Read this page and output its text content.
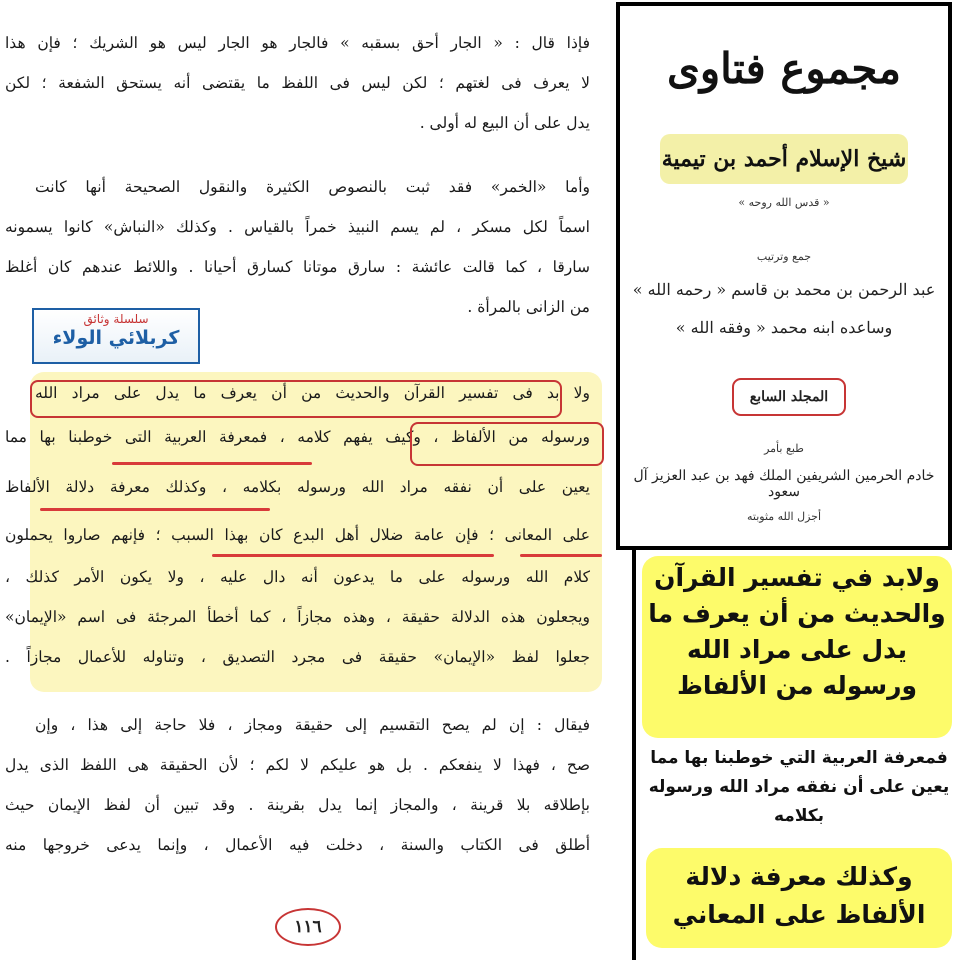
فإذا قال : « الجار أحق بسقبه » فالجار هو الجار ليس هو الشريك ؛ فإن هذا
لا يعرف فى لغتهم ؛ لكن ليس فى اللفظ ما يقتضى أنه يستحق الشفعة ؛ لكن
يدل على أن البيع له أولى .
وأما «الخمر» فقد ثبت بالنصوص الكثيرة والنقول الصحيحة أنها كانت
اسماً لكل مسكر ، لم يسم النبيذ خمراً بالقياس . وكذلك «النباش» كانوا يسمونه
سارقا ، كما قالت عائشة : سارق موتانا كسارق أحيانا . واللائط عندهم كان أغلظ
من الزانى بالمرأة .
ولا بد فى تفسير القرآن والحديث من أن يعرف ما يدل على مراد الله
ورسوله من الألفاظ ، وكيف يفهم كلامه ، فمعرفة العربية التى خوطبنا بها مما
يعين على أن نفقه مراد الله ورسوله بكلامه ، وكذلك معرفة دلالة الألفاظ
على المعانى ؛ فإن عامة ضلال أهل البدع كان بهذا السبب ؛ فإنهم صاروا يحملون
كلام الله ورسوله على ما يدعون أنه دال عليه ، ولا يكون الأمر كذلك ،
ويجعلون هذه الدلالة حقيقة ، وهذه مجازاً ، كما أخطأ المرجئة فى اسم «الإيمان»
جعلوا لفظ «الإيمان» حقيقة فى مجرد التصديق ، وتناوله للأعمال مجازاً .
فيقال : إن لم يصح التقسيم إلى حقيقة ومجاز ، فلا حاجة إلى هذا ، وإن
صح ، فهذا لا ينفعكم . بل هو عليكم لا لكم ؛ لأن الحقيقة هى اللفظ الذى يدل
بإطلاقه بلا قرينة ، والمجاز إنما يدل بقرينة . وقد تبين أن لفظ الإيمان حيث
أطلق فى الكتاب والسنة ، دخلت فيه الأعمال ، وإنما يدعى خروجها منه
١١٦
سلسلة وثائق
كربلائي الولاء
مجموع فتاوى
شيخ الإسلام أحمد بن تيمية
« قدس الله روحه »
جمع وترتيب
عبد الرحمن بن محمد بن قاسم « رحمه الله »
وساعده ابنه محمد « وفقه الله »
المجلد السابع
طبع بأمر
خادم الحرمين الشريفين الملك فهد بن عبد العزيز آل سعود
أجزل الله مثوبته
ولابد في تفسير القرآن والحديث من أن يعرف ما يدل على مراد الله ورسوله من الألفاظ
فمعرفة العربية التي خوطبنا بها مما يعين على أن نفقه مراد الله ورسوله بكلامه
وكذلك معرفة دلالة الألفاظ على المعاني
